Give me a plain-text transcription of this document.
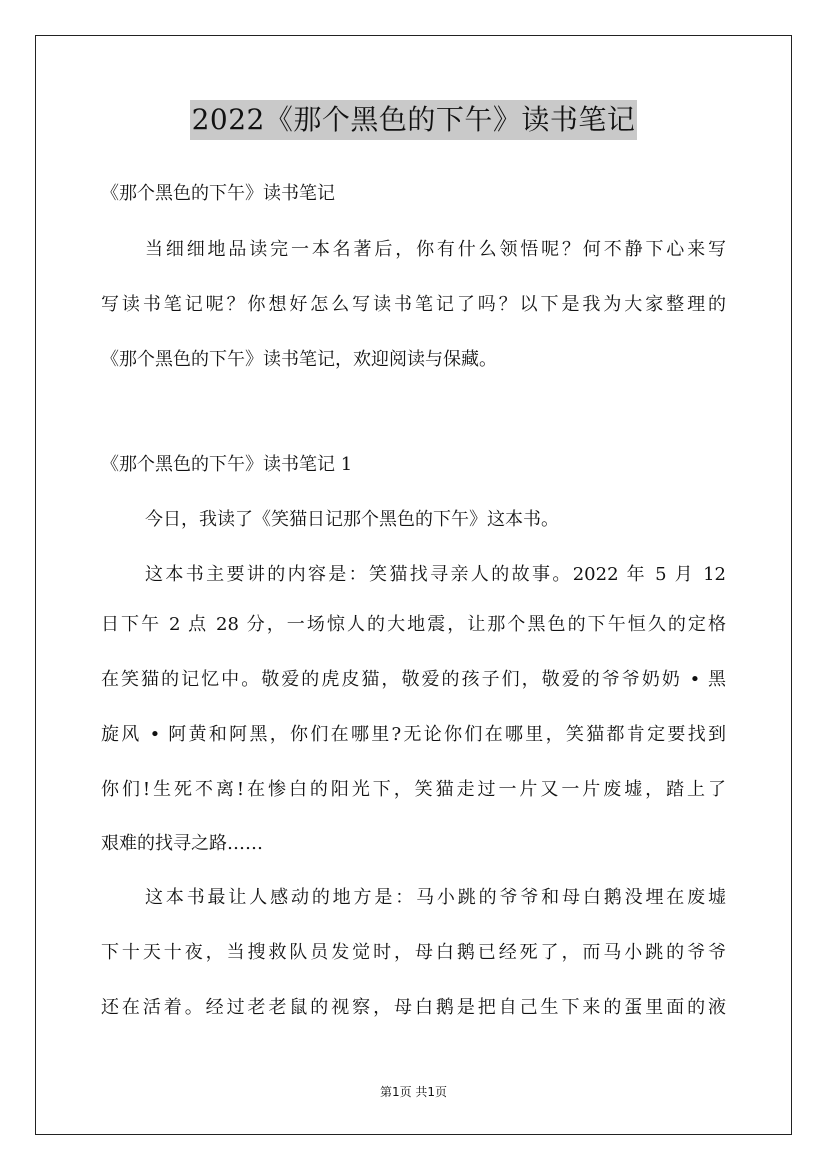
2022《那个黑色的下午》读书笔记
《那个黑色的下午》读书笔记
当细细地品读完一本名著后，你有什么领悟呢？何不静下心来写
写读书笔记呢？你想好怎么写读书笔记了吗？以下是我为大家整理的
《那个黑色的下午》读书笔记，欢迎阅读与保藏。
《那个黑色的下午》读书笔记 1
今日，我读了《笑猫日记那个黑色的下午》这本书。
这本书主要讲的内容是：笑猫找寻亲人的故事。2022 年 5 月 12
日下午 2 点 28 分，一场惊人的大地震，让那个黑色的下午恒久的定格
在笑猫的记忆中。敬爱的虎皮猫，敬爱的孩子们，敬爱的爷爷奶奶 • 黑
旋风 • 阿黄和阿黑，你们在哪里?无论你们在哪里，笑猫都肯定要找到
你们!生死不离!在惨白的阳光下，笑猫走过一片又一片废墟，踏上了
艰难的找寻之路……
这本书最让人感动的地方是：马小跳的爷爷和母白鹅没埋在废墟
下十天十夜，当搜救队员发觉时，母白鹅已经死了，而马小跳的爷爷
还在活着。经过老老鼠的视察，母白鹅是把自己生下来的蛋里面的液
第1页 共1页
